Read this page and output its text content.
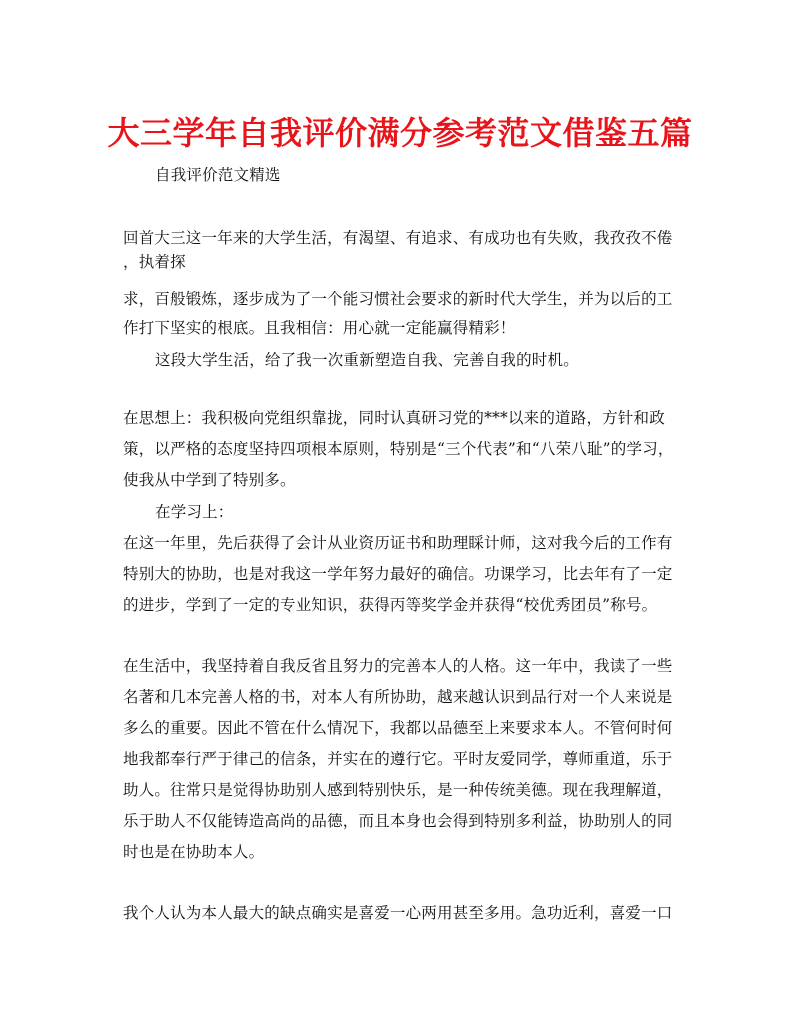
大三学年自我评价满分参考范文借鉴五篇
自我评价范文精选
回首大三这一年来的大学生活，有渴望、有追求、有成功也有失败，我孜孜不倦
，执着探
求，百般锻炼，逐步成为了一个能习惯社会要求的新时代大学生，并为以后的工
作打下坚实的根底。且我相信：用心就一定能赢得精彩！
这段大学生活，给了我一次重新塑造自我、完善自我的时机。
在思想上：我积极向党组织靠拢，同时认真研习党的***以来的道路，方针和政
策，以严格的态度坚持四项根本原则，特别是“三个代表”和“八荣八耻”的学习，
使我从中学到了特别多。
在学习上：
在这一年里，先后获得了会计从业资历证书和助理睬计师，这对我今后的工作有
特别大的协助，也是对我这一学年努力最好的确信。功课学习，比去年有了一定
的进步，学到了一定的专业知识，获得丙等奖学金并获得“校优秀团员”称号。
在生活中，我坚持着自我反省且努力的完善本人的人格。这一年中，我读了一些
名著和几本完善人格的书，对本人有所协助，越来越认识到品行对一个人来说是
多么的重要。因此不管在什么情况下，我都以品德至上来要求本人。不管何时何
地我都奉行严于律己的信条，并实在的遵行它。平时友爱同学，尊师重道，乐于
助人。往常只是觉得协助别人感到特别快乐，是一种传统美德。现在我理解道，
乐于助人不仅能铸造高尚的品德，而且本身也会得到特别多利益，协助别人的同
时也是在协助本人。
我个人认为本人最大的缺点确实是喜爱一心两用甚至多用。急功近利，喜爱一口
